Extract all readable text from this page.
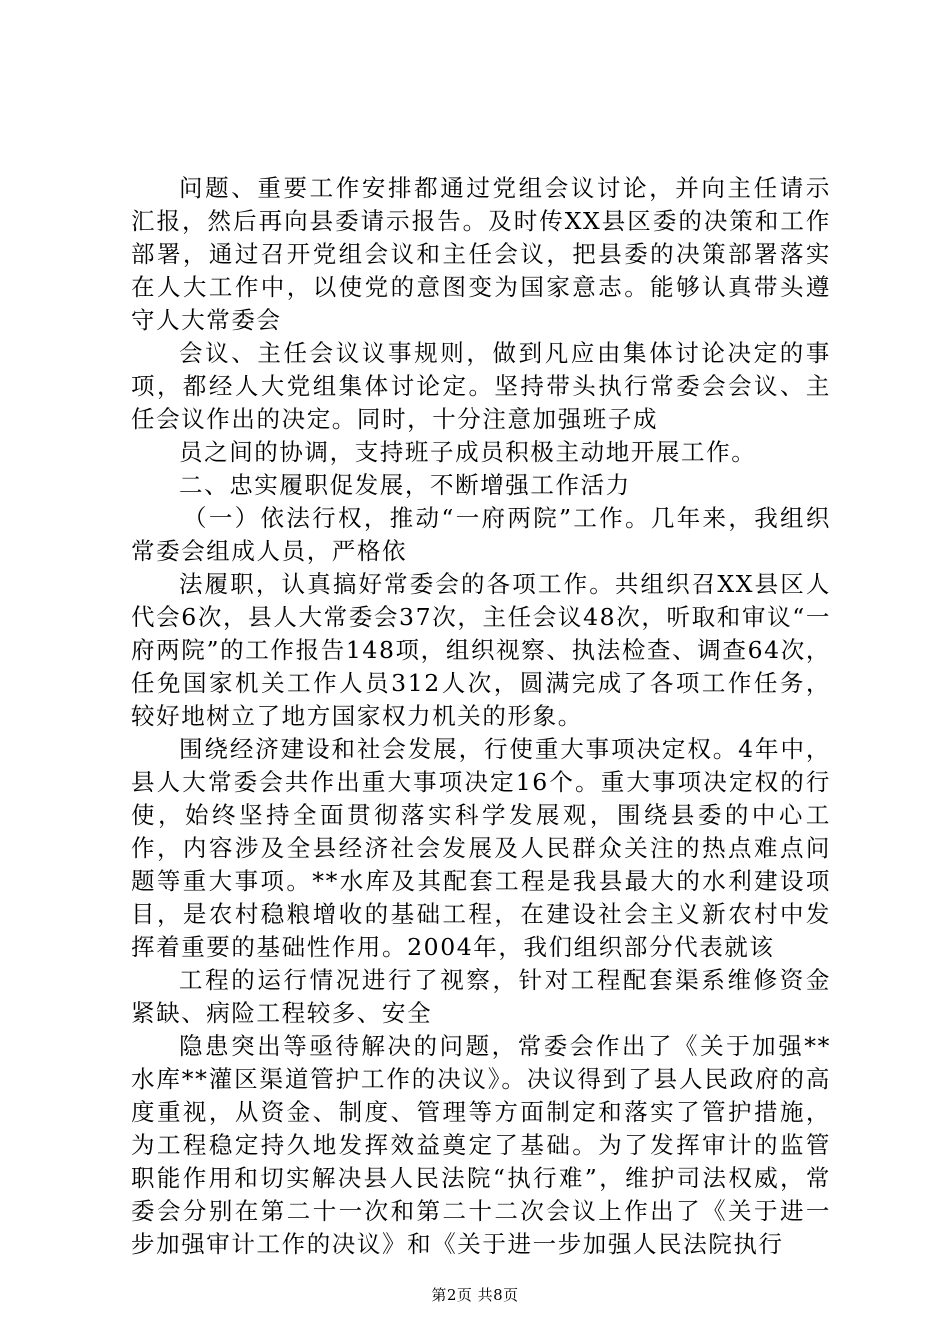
问题、重要工作安排都通过党组会议讨论，并向主任请示汇报，然后再向县委请示报告。及时传XX县区委的决策和工作部署，通过召开党组会议和主任会议，把县委的决策部署落实在人大工作中，以使党的意图变为国家意志。能够认真带头遵守人大常委会

会议、主任会议议事规则，做到凡应由集体讨论决定的事项，都经人大党组集体讨论定。坚持带头执行常委会会议、主任会议作出的决定。同时，十分注意加强班子成

员之间的协调，支持班子成员积极主动地开展工作。

二、忠实履职促发展，不断增强工作活力

（一）依法行权，推动“一府两院”工作。几年来，我组织常委会组成人员，严格依

法履职，认真搞好常委会的各项工作。共组织召XX县区人代会6次，县人大常委会37次，主任会议48次，听取和审议“一府两院”的工作报告148项，组织视察、执法检查、调查64次，任免国家机关工作人员312人次，圆满完成了各项工作任务，较好地树立了地方国家权力机关的形象。

围绕经济建设和社会发展，行使重大事项决定权。4年中，县人大常委会共作出重大事项决定16个。重大事项决定权的行使，始终坚持全面贯彻落实科学发展观，围绕县委的中心工作，内容涉及全县经济社会发展及人民群众关注的热点难点问题等重大事项。**水库及其配套工程是我县最大的水利建设项目，是农村稳粮增收的基础工程，在建设社会主义新农村中发挥着重要的基础性作用。2004年，我们组织部分代表就该

工程的运行情况进行了视察，针对工程配套渠系维修资金紧缺、病险工程较多、安全

隐患突出等亟待解决的问题，常委会作出了《关于加强**水库**灌区渠道管护工作的决议》。决议得到了县人民政府的高度重视，从资金、制度、管理等方面制定和落实了管护措施，为工程稳定持久地发挥效益奠定了基础。为了发挥审计的监管职能作用和切实解决县人民法院“执行难”，维护司法权威，常委会分别在第二十一次和第二十二次会议上作出了《关于进一步加强审计工作的决议》和《关于进一步加强人民法院执行

第2页 共8页
